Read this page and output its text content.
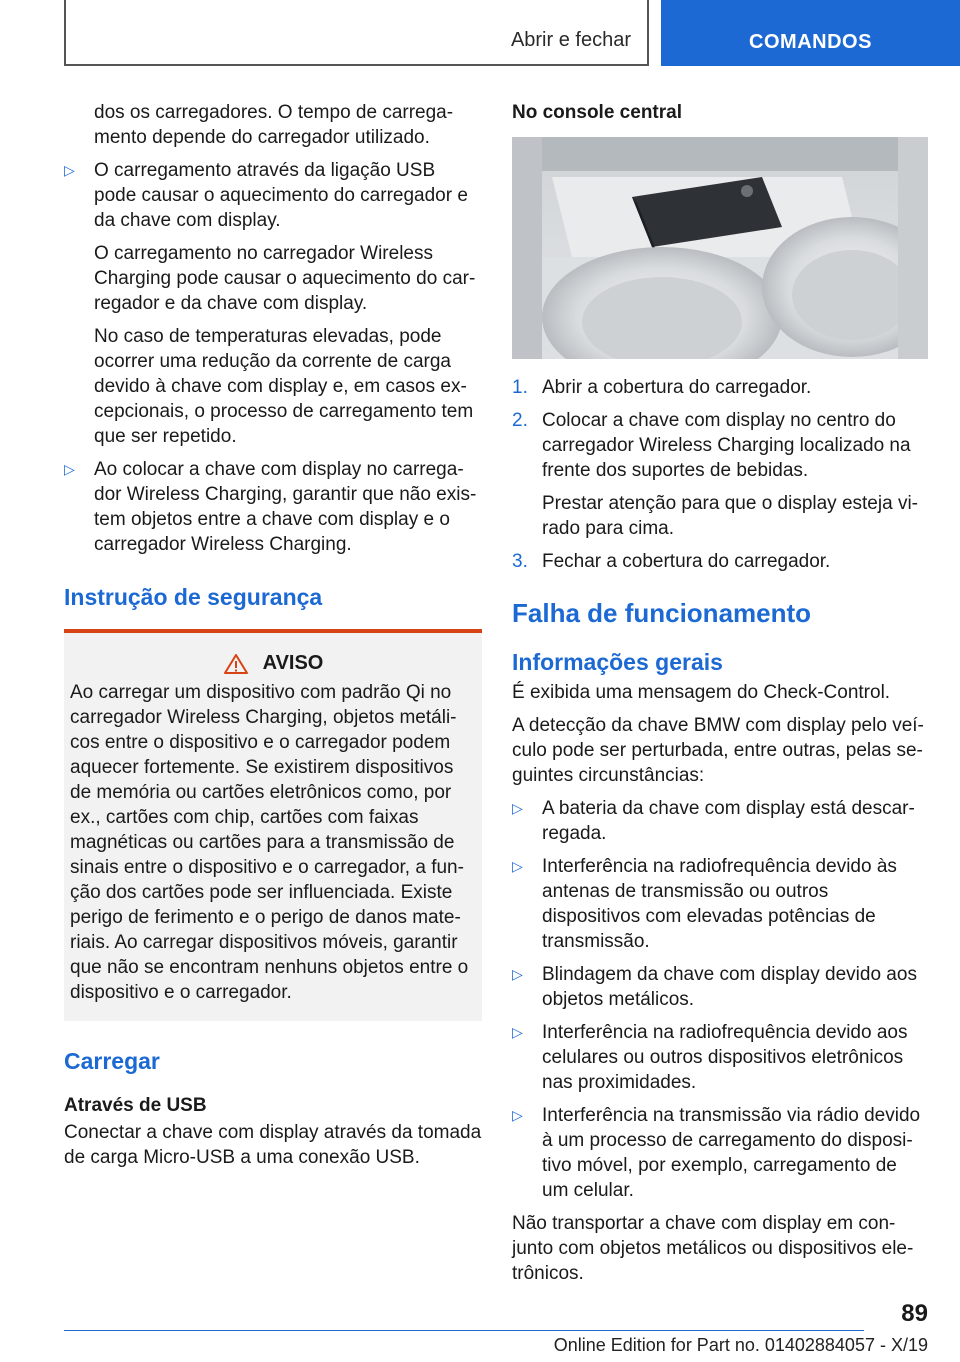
Abrir e fechar	COMANDOS

dos os carregadores. O tempo de carregamento depende do carregador utilizado.

▷ O carregamento através da ligação USB pode causar o aquecimento do carregador e da chave com display.

O carregamento no carregador Wireless Charging pode causar o aquecimento do carregador e da chave com display.

No caso de temperaturas elevadas, pode ocorrer uma redução da corrente de carga devido à chave com display e, em casos excepcionais, o processo de carregamento tem que ser repetido.

▷ Ao colocar a chave com display no carregador Wireless Charging, garantir que não existem objetos entre a chave com display e o carregador Wireless Charging.
Instrução de segurança
AVISO
Ao carregar um dispositivo com padrão Qi no carregador Wireless Charging, objetos metálicos entre o dispositivo e o carregador podem aquecer fortemente. Se existirem dispositivos de memória ou cartões eletrônicos como, por ex., cartões com chip, cartões com faixas magnéticas ou cartões para a transmissão de sinais entre o dispositivo e o carregador, a função dos cartões pode ser influenciada. Existe perigo de ferimento e o perigo de danos materiais. Ao carregar dispositivos móveis, garantir que não se encontram nenhuns objetos entre o dispositivo e o carregador.
Carregar
Através de USB

Conectar a chave com display através da tomada de carga Micro-USB a uma conexão USB.

No console central
1. Abrir a cobertura do carregador.
2. Colocar a chave com display no centro do carregador Wireless Charging localizado na frente dos suportes de bebidas.

Prestar atenção para que o display esteja virado para cima.

3. Fechar a cobertura do carregador.
Falha de funcionamento
Informações gerais

É exibida uma mensagem do Check-Control.

A detecção da chave BMW com display pelo veículo pode ser perturbada, entre outras, pelas seguintes circunstâncias:

▷ A bateria da chave com display está descarregada.
▷ Interferência na radiofrequência devido às antenas de transmissão ou outros dispositivos com elevadas potências de transmissão.
▷ Blindagem da chave com display devido aos objetos metálicos.
▷ Interferência na radiofrequência devido aos celulares ou outros dispositivos eletrônicos nas proximidades.
▷ Interferência na transmissão via rádio devido à um processo de carregamento do dispositivo móvel, por exemplo, carregamento de um celular.

Não transportar a chave com display em conjunto com objetos metálicos ou dispositivos eletrônicos.

89
Online Edition for Part no. 01402884057 - X/19
